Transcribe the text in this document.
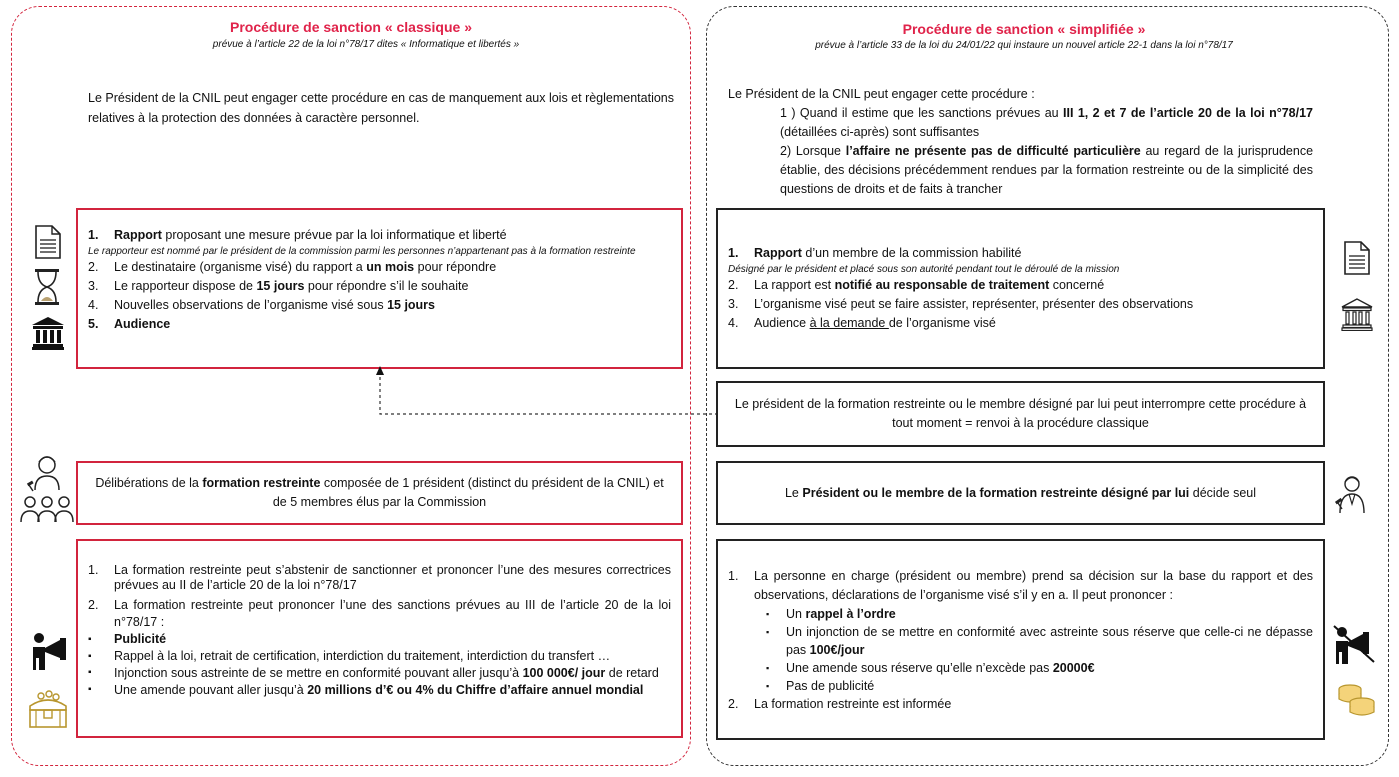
Procédure de sanction « classique »
prévue à l’article 22 de la loi n°78/17 dites « Informatique et libertés »
Le Président de la CNIL peut engager cette procédure en cas de manquement aux lois et règlementations relatives à la protection des données à caractère personnel.
1. Rapport proposant une mesure prévue par la loi informatique et liberté
Le rapporteur est nommé par le président de la commission parmi les personnes n’appartenant pas à la formation restreinte
2. Le destinataire (organisme visé) du rapport a un mois pour répondre
3. Le rapporteur dispose de 15 jours pour répondre s’il le souhaite
4. Nouvelles observations de l’organisme visé sous 15 jours
5. Audience
Délibérations de la formation restreinte composée de 1 président (distinct du président de la CNIL) et de 5 membres élus par la Commission
1. La formation restreinte peut s’abstenir de sanctionner et prononcer l’une des mesures correctrices prévues au II de l’article 20 de la loi n°78/17
2. La formation restreinte peut prononcer l’une des sanctions prévues au III de l’article 20 de la loi n°78/17 :
▪ Publicité
▪ Rappel à la loi, retrait de certification, interdiction du traitement, interdiction du transfert …
▪ Injonction sous astreinte de se mettre en conformité pouvant aller jusqu’à 100 000€/ jour de retard
▪ Une amende pouvant aller jusqu’à 20 millions d’€ ou 4% du Chiffre d’affaire annuel mondial
Procédure de sanction « simplifiée »
prévue à l’article 33 de la loi du 24/01/22 qui instaure un nouvel article 22-1 dans la loi n°78/17
Le Président de la CNIL peut engager cette procédure :
1 ) Quand il estime que les sanctions prévues au III 1, 2 et 7 de l’article 20 de la loi n°78/17 (détaillées ci-après) sont suffisantes
2) Lorsque l’affaire ne présente pas de difficulté particulière au regard de la jurisprudence établie, des décisions précédemment rendues par la formation restreinte ou de la simplicité des questions de droits et de faits à trancher
1. Rapport d’un membre de la commission habilité
Désigné par le président et placé sous son autorité pendant tout le déroulé de la mission
2. La rapport est notifié au responsable de traitement concerné
3. L’organisme visé peut se faire assister, représenter, présenter des observations
4. Audience à la demande de l’organisme visé
Le président de la formation restreinte ou le membre désigné par lui peut interrompre cette procédure à tout moment = renvoi à la procédure classique
Le Président ou le membre de la formation restreinte désigné par lui décide seul
1. La personne en charge (président ou membre) prend sa décision sur la base du rapport et des observations, déclarations de l’organisme visé s’il y en a. Il peut prononcer :
▪ Un rappel à l’ordre
▪ Un injonction de se mettre en conformité avec astreinte sous réserve que celle-ci ne dépasse pas 100€/jour
▪ Une amende sous réserve qu’elle n’excède pas 20000€
▪ Pas de publicité
2. La formation restreinte est informée
